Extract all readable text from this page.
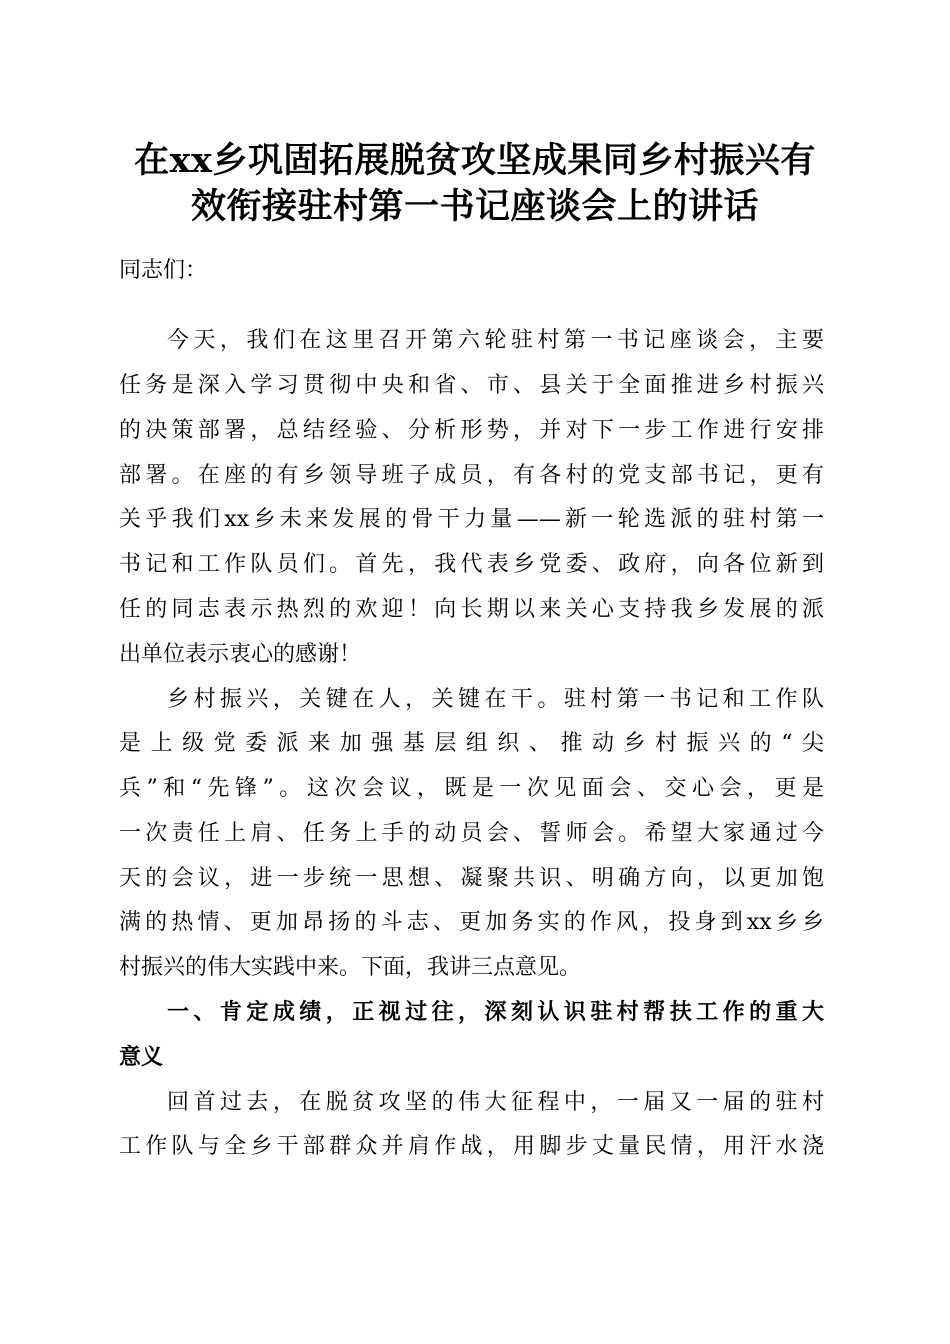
在xx乡巩固拓展脱贫攻坚成果同乡村振兴有
效衔接驻村第一书记座谈会上的讲话
同志们：
今天，我们在这里召开第六轮驻村第一书记座谈会，主要
任务是深入学习贯彻中央和省、市、县关于全面推进乡村振兴
的决策部署，总结经验、分析形势，并对下一步工作进行安排
部署。在座的有乡领导班子成员，有各村的党支部书记，更有
关乎我们xx乡未来发展的骨干力量——新一轮选派的驻村第一
书记和工作队员们。首先，我代表乡党委、政府，向各位新到
任的同志表示热烈的欢迎！向长期以来关心支持我乡发展的派
出单位表示衷心的感谢！
乡村振兴，关键在人，关键在干。驻村第一书记和工作队
是上级党委派来加强基层组织、推动乡村振兴的“尖
兵”和“先锋”。这次会议，既是一次见面会、交心会，更是
一次责任上肩、任务上手的动员会、誓师会。希望大家通过今
天的会议，进一步统一思想、凝聚共识、明确方向，以更加饱
满的热情、更加昂扬的斗志、更加务实的作风，投身到xx乡乡
村振兴的伟大实践中来。下面，我讲三点意见。
一、肯定成绩，正视过往，深刻认识驻村帮扶工作的重大
意义
回首过去，在脱贫攻坚的伟大征程中，一届又一届的驻村
工作队与全乡干部群众并肩作战，用脚步丈量民情，用汗水浇
